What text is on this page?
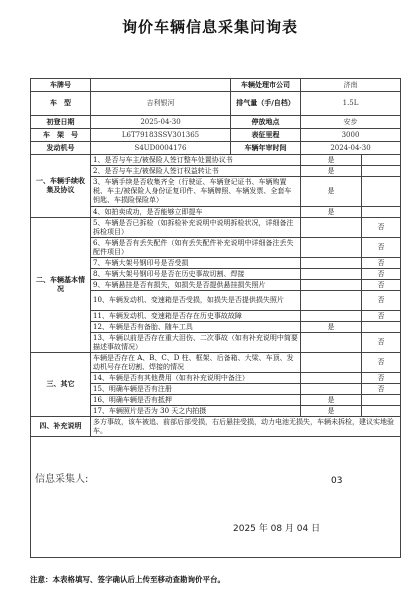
询价车辆信息采集问询表
车牌号		车辆处理市公司	济南	
车　型	吉利银河	排气量（手/自档）	1.5L	
初登日期	2025-04-30	停放地点	安步	
车　架　号	L6T79183SSV301365	表征里程	3000	
发动机号	S4UD0004176	车辆年审时间	2024-04-30	
一、车辆手续收集及协议	1、是否与车主/被保险人签订整车处置协议书		是	
	2、是否与车主/被保险人签订权益转让书		是	
	3、车辆手续是否收集齐全（行驶证、车辆登记证书、车辆购置税、车主/被保险人身份证复印件、车辆牌照、车辆发票、全套车钥匙、车损险保险单）		是	
	4、如拍卖成功，是否能够立即提车		是	
二、车辆基本情况	5、车辆是否已拆检（如拆检补充说明中说明拆检状况，详细备注拆检项目）			否
	6、车辆是否有丢失配件（如有丢失配件补充说明中详细备注丢失配件项目）			否
	7、车辆大架号钢印号是否受损			否
	8、车辆大架号钢印号是否在历史事故切割、焊接			否
	9、车辆悬挂是否有损失，如损失是否提供悬挂损失照片			否
	10、车辆发动机、变速箱是否受损，如损失是否提供损失照片			否
	11、车辆发动机、变速箱是否存在历史事故故障			否
	12、车辆是否有备胎、随车工具		是	
	13、车辆以前是否存在重大泪伤、二次事故（如有补充说明中简要描述事故情况）			否
三、其它	车辆是否存在 A、B、C、D 柱、框架、后备箱、大梁、车顶、发动机号存在切割、焊接的情况			否
	14、车辆是否有其他费用（如有补充说明中备注）			否
	15、明确车辆是否有注册			否
	16、明确车辆是否有抵押		是	
	17、车辆照片是否为 30 天之内拍摄		是	
四、补充说明	多方事故，该车被追、前部后部受损，右后悬挂受损，动力电池无损失，车辆未拆检，建议实地验车。			

信息采集人: 03
2025 年 08 月 04 日				
注意：本表格填写、签字确认后上传至移动查勘询价平台。
